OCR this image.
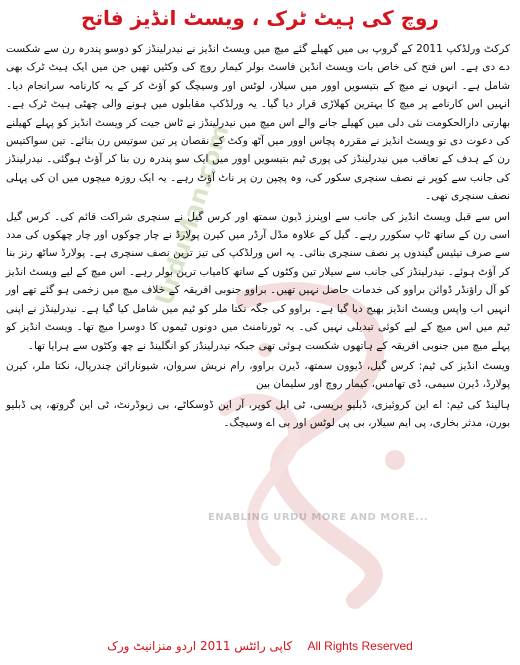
UrduMan.com
ENABLING URDU MORE AND MORE...
روچ کی ہیٹ ٹرک ، ویسٹ انڈیز فاتح

کرکٹ ورلڈکپ 2011 کے گروپ بی میں کھیلے گئے میچ میں ویسٹ انڈیز نے نیدرلینڈز کو دوسو پندرہ رن سے شکست دے دی ہے۔ اس فتح کی خاص بات ویسٹ انڈین فاسٹ بولر کیمار روچ کی وکٹیں تھیں جن میں ایک ہیٹ ٹرک بھی شامل ہے۔ انہوں نے میچ کے بتیسویں اوور میں سیلار، لوٹس اور وسیچگ کو آؤٹ کر کے یہ کارنامہ سرانجام دیا۔ انہیں اس کارنامے پر میچ کا بہترین کھلاڑی قرار دیا گیا۔ یہ ورلڈکپ مقابلوں میں ہونے والی چھٹی ہیٹ ٹرک ہے۔ بھارتی دارالحکومت نئی دلی میں کھیلے جانے والے اس میچ میں نیدرلینڈز نے ٹاس جیت کر ویسٹ انڈیز کو پہلے کھیلنے کی دعوت دی تو ویسٹ انڈیز نے مقررہ پچاس اوور میں آٹھ وکٹ کے نقصان پر تین سوتیس رن بنائے۔ تین سواکتیس رن کے ہدف کے تعاقب میں نیدرلینڈز کی پوری ٹیم بتیسویں اوور میں ایک سو پندرہ رن بنا کر آؤٹ ہوگئی۔ نیدرلینڈز کی جانب سے کوپر نے نصف سنچری سکور کی، وہ پچپن رن پر ناٹ آؤٹ رہے۔ یہ ایک روزہ میچوں میں ان کی پہلی نصف سنچری تھی۔

اس سے قبل ویسٹ انڈیز کی جانب سے اوپنرز ڈیون سمتھ اور کرس گیل نے سنچری شراکت قائم کی۔ کرس گیل اسی رن کے ساتھ ٹاپ سکورر رہے۔ گیل کے علاوہ مڈل آرڈر میں کیرن پولارڈ نے چار چوکوں اور چار چھکوں کی مدد سے صرف تیئیس گیندوں پر نصف سنچری بنائی۔ یہ اس ورلڈکپ کی تیز ترین نصف سنچری ہے۔ پولارڈ ساٹھ رنز بنا کر آؤٹ ہوئے۔ نیدرلینڈز کی جانب سے سیلار تین وکٹوں کے ساتھ کامیاب ترین بولر رہے۔ اس میچ کے لیے ویسٹ انڈیز کو آل راؤنڈر ڈوائن براوو کی خدمات حاصل نہیں تھیں۔ براوو جنوبی افریقہ کے خلاف میچ میں زخمی ہو گئے تھے اور انہیں اب واپس ویسٹ انڈیز بھیج دیا گیا ہے۔ براوو کی جگہ نکتا ملر کو ٹیم میں شامل کیا گیا ہے۔ نیدرلینڈز نے اپنی ٹیم میں اس میچ کے لیے کوئی تبدیلی نہیں کی۔ یہ ٹورنامنٹ میں دونوں ٹیموں کا دوسرا میچ تھا۔ ویسٹ انڈیز کو پہلے میچ میں جنوبی افریقہ کے ہاتھوں شکست ہوئی تھی جبکہ نیدرلینڈز کو انگلینڈ نے چھ وکٹوں سے ہرایا تھا۔

ویسٹ انڈیز کی ٹیم: کرس گیل، ڈیوون سمتھ، ڈیرن براوو، رام نریش سروان، شیونارائن چندرپال، نکتا ملر، کیرن پولارڈ، ڈیرن سیمی، ڈی تھامس، کیمار روچ اور سلیمان بین

ہالینڈ کی ٹیم: اے این کروئیزی، ڈبلیو بریسی، ٹی ایل کوپر، آر این ڈوسکاٹے، بی زیوڈرنٹ، ٹی این گروتھ، پی ڈبلیو بورن، مدثر بخاری، پی ایم سیلار، بی پی لوٹس اور بی اے وسیچگ۔

کاپی رائٹس 2011 اردو منزانیٹ ورک All Rights Reserved
